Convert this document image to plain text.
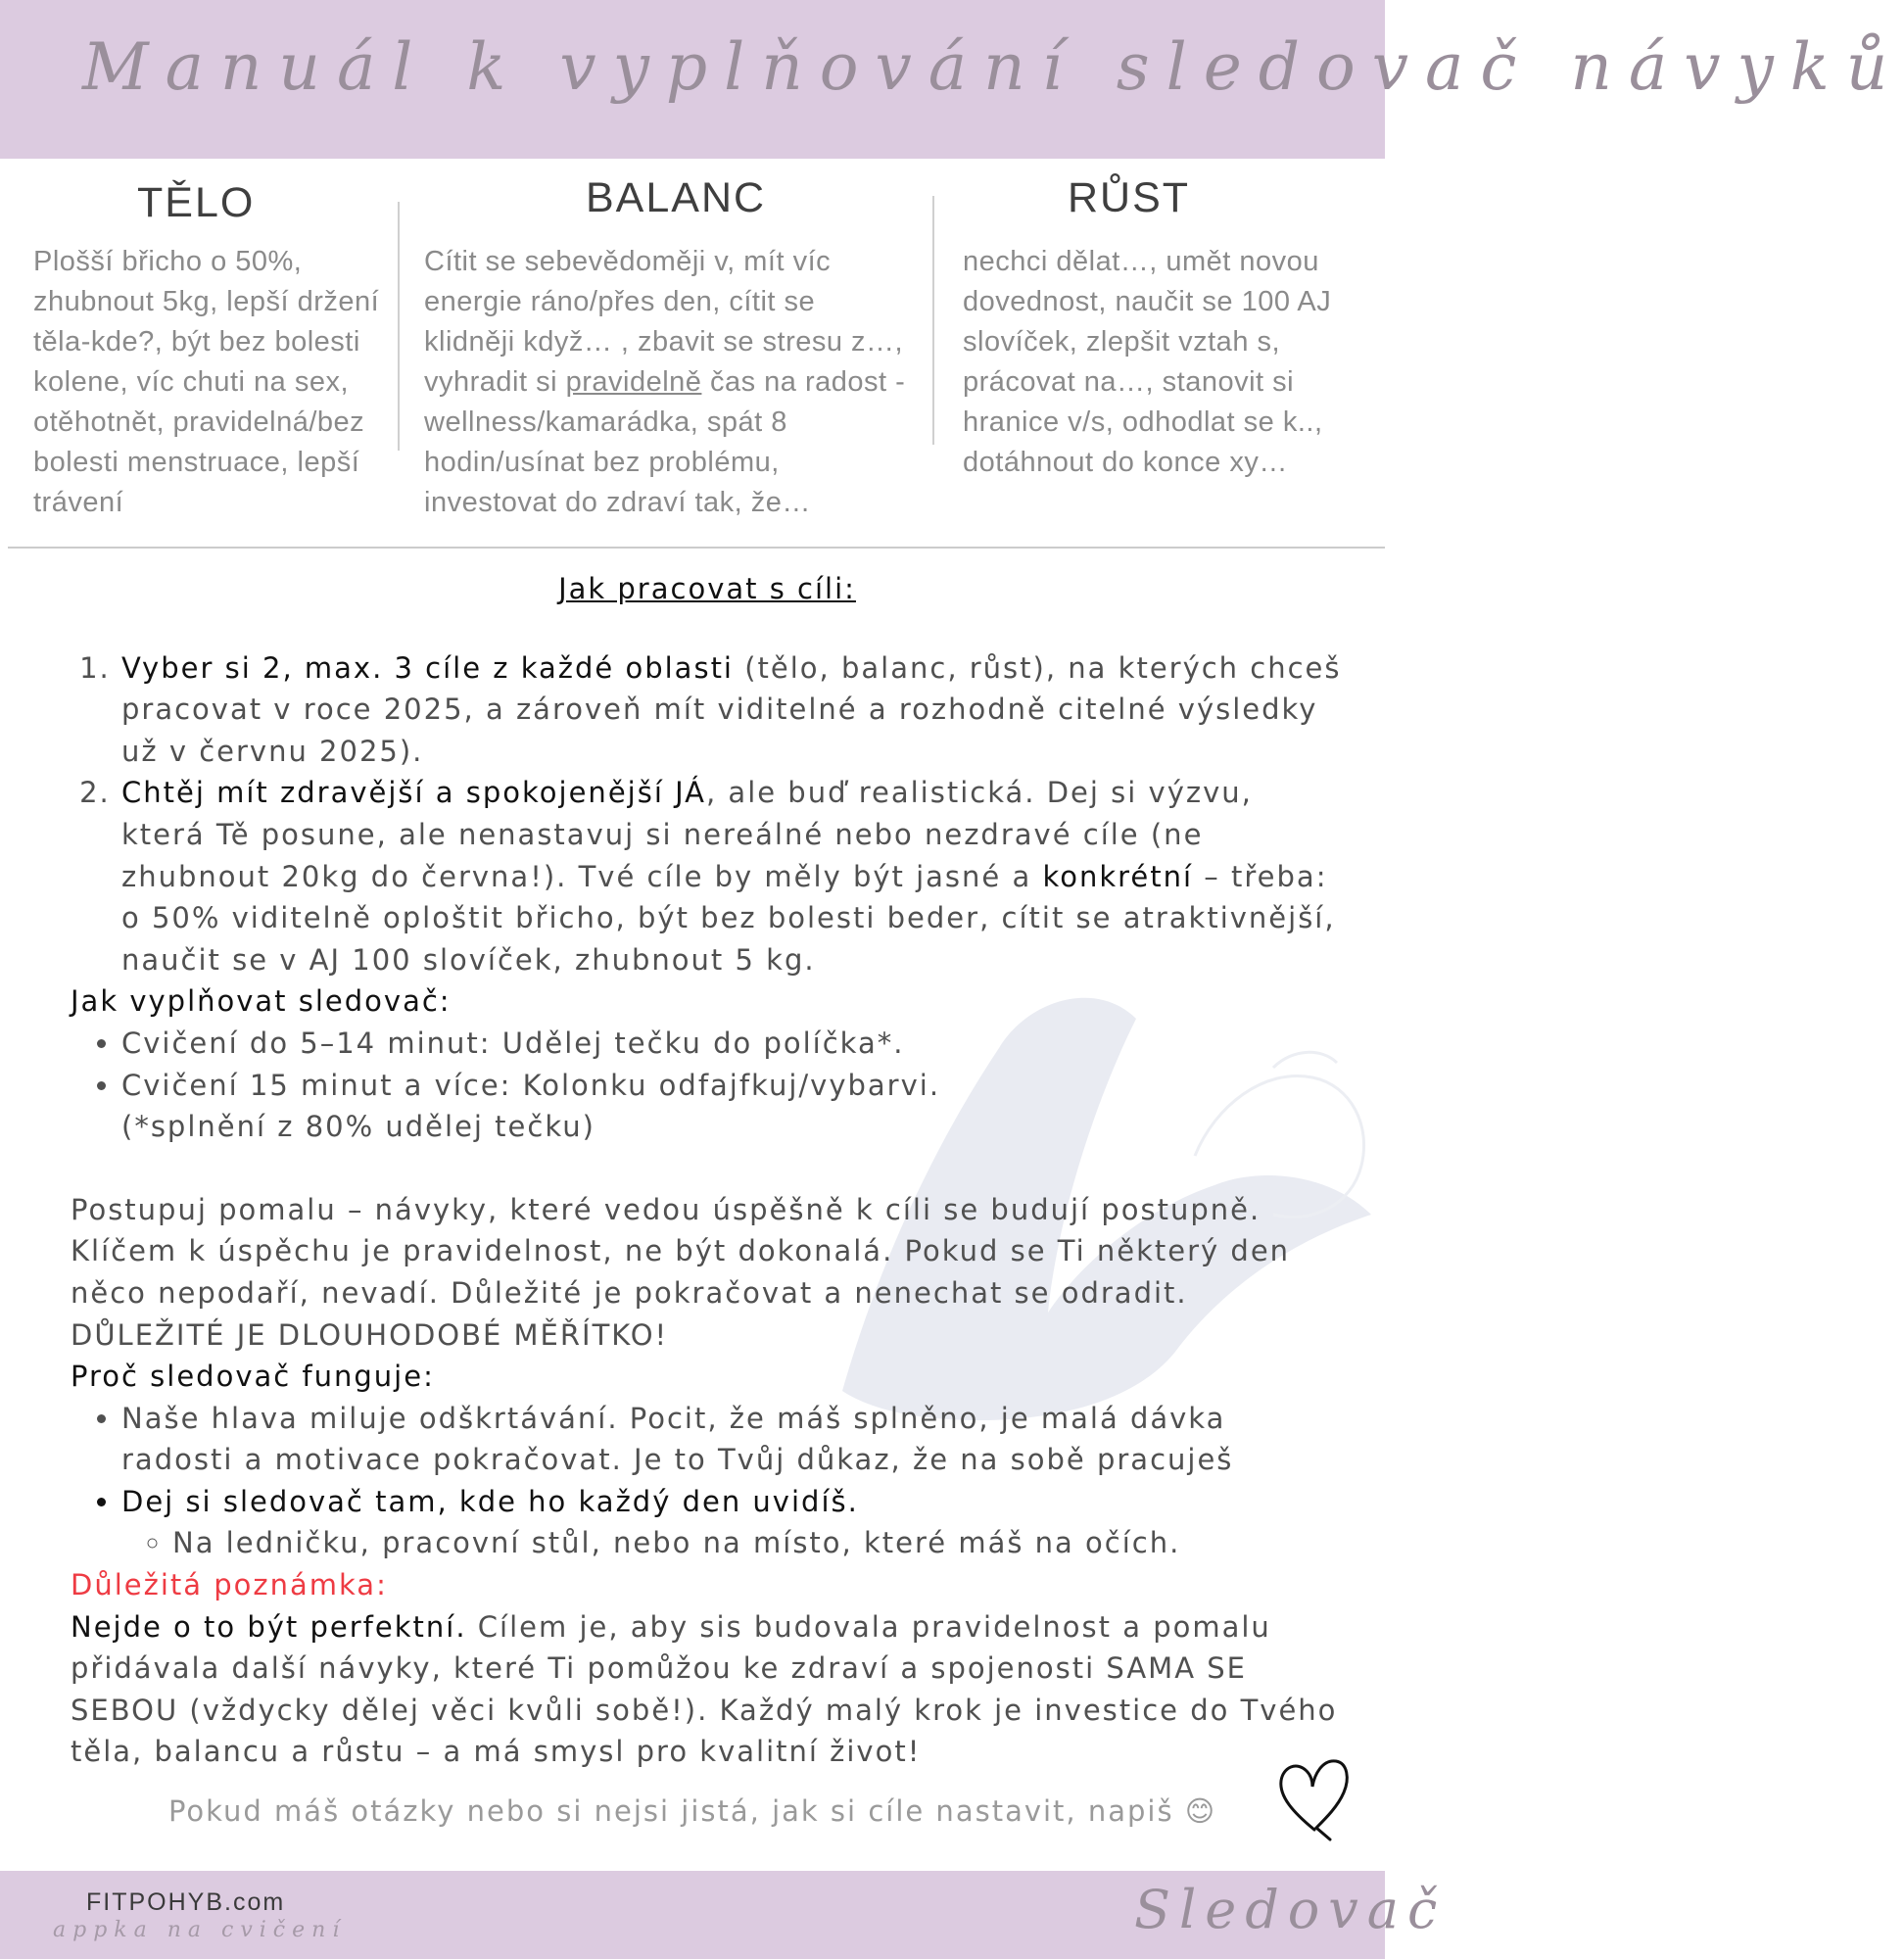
Manuál k vyplňování sledovač návyků
TĚLO
Plošší břicho o 50%, zhubnout 5kg, lepší držení těla-kde?, být bez bolesti kolene, víc chuti na sex, otěhotnět, pravidelná/bez bolesti menstruace, lepší trávení
BALANC
Cítit se sebevědoměji v, mít víc energie ráno/přes den, cítit se klidněji když… , zbavit se stresu z…, vyhradit si pravidelně čas na radost - wellness/kamarádka, spát 8 hodin/usínat bez problému, investovat do zdraví tak, že…
RŮST
nechci dělat…, umět novou dovednost, naučit se 100 AJ slovíček, zlepšit vztah s, prácovat na…, stanovit si hranice v/s, odhodlat se k.., dotáhnout do konce xy…

Jak pracovat s cíli:

1. Vyber si 2, max. 3 cíle z každé oblasti (tělo, balanc, růst), na kterých chceš pracovat v roce 2025, a zároveň mít viditelné a rozhodně citelné výsledky už v červnu 2025).
2. Chtěj mít zdravější a spokojenější JÁ, ale buď realistická. Dej si výzvu, která Tě posune, ale nenastavuj si nereálné nebo nezdravé cíle (ne zhubnout 20kg do června!). Tvé cíle by měly být jasné a konkrétní – třeba: o 50% viditelně oploštit břicho, být bez bolesti beder, cítit se atraktivnější, naučit se v AJ 100 slovíček, zhubnout 5 kg.

Jak vyplňovat sledovač:

• Cvičení do 5–14 minut: Udělej tečku do políčka*.
• Cvičení 15 minut a více: Kolonku odfajfkuj/vybarvi.
(*splnění z 80% udělej tečku)

Postupuj pomalu – návyky, které vedou úspěšně k cíli se budují postupně. Klíčem k úspěchu je pravidelnost, ne být dokonalá. Pokud se Ti některý den něco nepodaří, nevadí. Důležité je pokračovat a nenechat se odradit.
DŮLEŽITÉ JE DLOUHODOBÉ MĚŘÍTKO!

Proč sledovač funguje:

• Naše hlava miluje odškrtávání. Pocit, že máš splněno, je malá dávka radosti a motivace pokračovat. Je to Tvůj důkaz, že na sobě pracuješ
• Dej si sledovač tam, kde ho každý den uvidíš.
◦ Na ledničku, pracovní stůl, nebo na místo, které máš na očích.

Důležitá poznámka:

Nejde o to být perfektní. Cílem je, aby sis budovala pravidelnost a pomalu přidávala další návyky, které Ti pomůžou ke zdraví a spojenosti SAMA SE SEBOU (vždycky dělej věci kvůli sobě!). Každý malý krok je investice do Tvého těla, balancu a růstu – a má smysl pro kvalitní život!

Pokud máš otázky nebo si nejsi jistá, jak si cíle nastavit, napiš 😊
FITPOHYB.com
appka na cvičení	Sledovač
